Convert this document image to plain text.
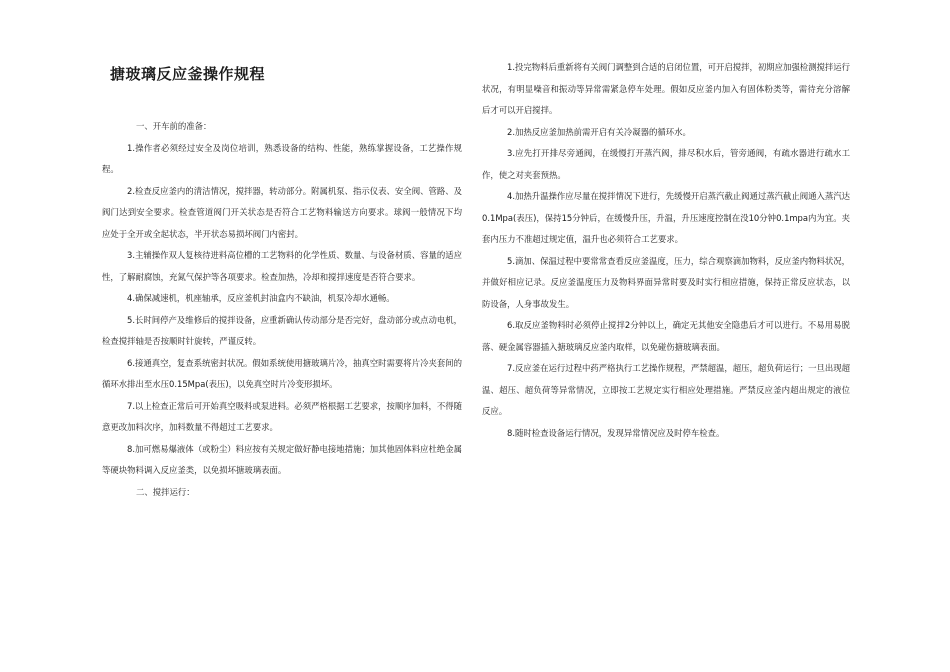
搪玻璃反应釜操作规程

一、开车前的准备：

1.操作者必须经过安全及岗位培训，熟悉设备的结构、性能，熟练掌握设备，工艺操作规程。

2.检查反应釜内的清洁情况，搅拌器，转动部分。附属机泵、指示仪表、安全阀、管路、及阀门达到安全要求。检查管道阀门开关状态是否符合工艺物料输送方向要求。球阀一般情况下均应处于全开或全起状态，半开状态易损坏阀门内密封。

3.主辅操作双人复核待进料高位槽的工艺物料的化学性质、数量、与设备材质、容量的适应性，了解耐腐蚀，充氮气保护等各项要求。检查加热，冷却和搅拌速度是否符合要求。

4.确保减速机，机座轴承，反应釜机封油盒内不缺油，机泵冷却水通畅。

5.长时间停产及维修后的搅拌设备，应重新确认传动部分是否完好，盘动部分或点动电机，检查搅拌轴是否按顺时针旋转，严谨反转。

6.接通真空，复查系统密封状况。假如系统使用搪玻璃片冷，抽真空时需要将片冷夹套间的循环水排出至水压0.15Mpa(表压)，以免真空时片冷变形损坏。

7.以上检查正常后可开始真空吸料或泵进料。必须严格根据工艺要求，按顺序加料，不得随意更改加料次序，加料数量不得超过工艺要求。

8.加可燃易爆液体（或粉尘）料应按有关规定做好静电接地措施；加其他固体料应杜绝金属等硬块物料调入反应釜类，以免损坏搪玻璃表面。

二、搅拌运行：

1.投完物料后重新将有关阀门调整到合适的启闭位置，可开启搅拌，初期应加强检测搅拌运行状况，有明显噪音和振动等异常需紧急停车处理。假如反应釜内加入有固体粉类等，需待充分溶解后才可以开启搅拌。

2.加热反应釜加热前需开启有关冷凝器的循环水。

3.应先打开排尽旁通阀，在缓慢打开蒸汽阀，排尽积水后，管旁通阀，有疏水器进行疏水工作，使之对夹套预热。

4.加热升温操作应尽量在搅拌情况下进行，先缓慢开启蒸汽截止阀通过蒸汽截止阀通入蒸汽达0.1Mpa(表压)，保持15分钟后，在缓慢升压，升温，升压速度控制在没10分钟0.1mpa内为宜。夹套内压力不准超过规定值，温升也必须符合工艺要求。

5.滴加、保温过程中要常常查看反应釜温度，压力，综合观察滴加物料，反应釜内物料状况，并做好相应记录。反应釜温度压力及物料界面异常时要及时实行相应措施，保持正常反应状态，以防设备，人身事故发生。

6.取反应釜物料时必须停止搅拌2分钟以上，确定无其他安全隐患后才可以进行。不易用易脱落、硬金属容器插入搪玻璃反应釜内取样，以免碰伤搪玻璃表面。

7.反应釜在运行过程中药严格执行工艺操作规程，严禁超温，超压，超负荷运行；一旦出现超温、超压、超负荷等异常情况，立即按工艺规定实行相应处理措施。严禁反应釜内超出规定的液位反应。

8.随时检查设备运行情况，发现异常情况应及时停车检查。
